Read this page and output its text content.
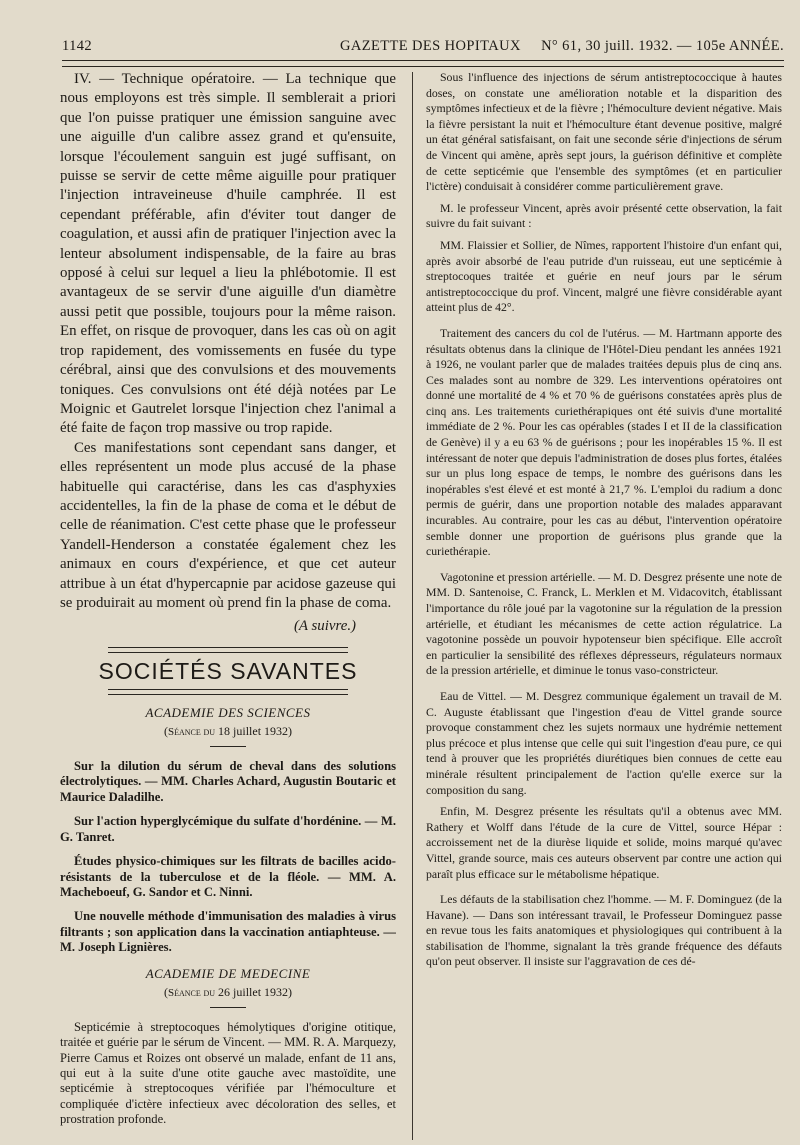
1142	GAZETTE DES HOPITAUX N° 61, 30 juill. 1932. — 105e ANNÉE.

IV. — Technique opératoire. — La technique que nous employons est très simple. Il semblerait a priori que l'on puisse pratiquer une émission sanguine avec une aiguille d'un calibre assez grand et qu'ensuite, lorsque l'écoulement sanguin est jugé suffisant, on puisse se servir de cette même aiguille pour pratiquer l'injection intraveineuse d'huile camphrée. Il est cependant préférable, afin d'éviter tout danger de coagulation, et aussi afin de pratiquer l'injection avec la lenteur absolument indispensable, de la faire au bras opposé à celui sur lequel a lieu la phlébotomie. Il est avantageux de se servir d'une aiguille d'un diamètre aussi petit que possible, toujours pour la même raison. En effet, on risque de provoquer, dans les cas où on agit trop rapidement, des vomissements en fusée du type cérébral, ainsi que des convulsions et des mouvements toniques. Ces convulsions ont été déjà notées par Le Moignic et Gautrelet lorsque l'injection chez l'animal a été faite de façon trop massive ou trop rapide.

Ces manifestations sont cependant sans danger, et elles représentent un mode plus accusé de la phase habituelle qui caractérise, dans les cas d'asphyxies accidentelles, la fin de la phase de coma et le début de celle de réanimation. C'est cette phase que le professeur Yandell-Henderson a constatée également chez les animaux en cours d'expérience, et que cet auteur attribue à un état d'hypercapnie par acidose gazeuse qui se produirait au moment où prend fin la phase de coma.

(A suivre.)

SOCIÉTÉS SAVANTES

ACADEMIE DES SCIENCES

(Séance du 18 juillet 1932)

Sur la dilution du sérum de cheval dans des solutions électrolytiques. — MM. Charles Achard, Augustin Boutaric et Maurice Daladilhe.

Sur l'action hyperglycémique du sulfate d'hordénine. — M. G. Tanret.

Études physico-chimiques sur les filtrats de bacilles acido-résistants de la tuberculose et de la fléole. — MM. A. Macheboeuf, G. Sandor et C. Ninni.

Une nouvelle méthode d'immunisation des maladies à virus filtrants ; son application dans la vaccination antiaphteuse. — M. Joseph Lignières.

ACADEMIE DE MEDECINE

(Séance du 26 juillet 1932)

Septicémie à streptocoques hémolytiques d'origine otitique, traitée et guérie par le sérum de Vincent. — MM. R. A. Marquezy, Pierre Camus et Roizes ont observé un malade, enfant de 11 ans, qui eut à la suite d'une otite gauche avec mastoïdite, une septicémie à streptocoques vérifiée par l'hémoculture et compliquée d'ictère infectieux avec décoloration des selles, et prostration profonde.

Sous l'influence des injections de sérum antistreptococcique à hautes doses, on constate une amélioration notable et la disparition des symptômes infectieux et de la fièvre ; l'hémoculture devient négative. Mais la fièvre persistant la nuit et l'hémoculture étant devenue positive, malgré un état général satisfaisant, on fait une seconde série d'injections de sérum de Vincent qui amène, après sept jours, la guérison définitive et complète de cette septicémie que l'ensemble des symptômes (et en particulier l'ictère) conduisait à considérer comme particulièrement grave.

M. le professeur Vincent, après avoir présenté cette observation, la fait suivre du fait suivant :

MM. Flaissier et Sollier, de Nîmes, rapportent l'histoire d'un enfant qui, après avoir absorbé de l'eau putride d'un ruisseau, eut une septicémie à streptocoques traitée et guérie en neuf jours par le sérum antistreptococcique du prof. Vincent, malgré une fièvre considérable ayant atteint plus de 42°.

Traitement des cancers du col de l'utérus. — M. Hartmann apporte des résultats obtenus dans la clinique de l'Hôtel-Dieu pendant les années 1921 à 1926, ne voulant parler que de malades traitées depuis plus de cinq ans. Ces malades sont au nombre de 329. Les interventions opératoires ont donné une mortalité de 4 % et 70 % de guérisons constatées après plus de cinq ans. Les traitements curiethérapiques ont été suivis d'une mortalité immédiate de 2 %. Pour les cas opérables (stades I et II de la classification de Genève) il y a eu 63 % de guérisons ; pour les inopérables 15 %. Il est intéressant de noter que depuis l'administration de doses plus fortes, étalées sur un plus long espace de temps, le nombre des guérisons dans les inopérables s'est élevé et est monté à 21,7 %. L'emploi du radium a donc permis de guérir, dans une proportion notable des malades apparavant incurables. Au contraire, pour les cas au début, l'intervention opératoire semble donner une proportion de guérisons plus grande que la curiethérapie.

Vagotonine et pression artérielle. — M. D. Desgrez présente une note de MM. D. Santenoise, C. Franck, L. Merklen et M. Vidacovitch, établissant l'importance du rôle joué par la vagotonine sur la régulation de la pression artérielle, et étudiant les mécanismes de cette action régulatrice. La vagotonine possède un pouvoir hypotenseur bien spécifique. Elle accroît en particulier la sensibilité des réflexes dépresseurs, régulateurs normaux de la pression artérielle, et diminue le tonus vaso-constricteur.

Eau de Vittel. — M. Desgrez communique également un travail de M. C. Auguste établissant que l'ingestion d'eau de Vittel grande source provoque constamment chez les sujets normaux une hydrémie nettement plus précoce et plus intense que celle qui suit l'ingestion d'eau pure, ce qui tend à prouver que les propriétés diurétiques bien connues de cette eau minérale résultent principalement de l'action qu'elle exerce sur la composition du sang.

Enfin, M. Desgrez présente les résultats qu'il a obtenus avec MM. Rathery et Wolff dans l'étude de la cure de Vittel, source Hépar : accroissement net de la diurèse liquide et solide, moins marqué qu'avec Vittel, grande source, mais ces auteurs observent par contre une action qui paraît plus efficace sur le métabolisme hépatique.

Les défauts de la stabilisation chez l'homme. — M. F. Dominguez (de la Havane). — Dans son intéressant travail, le Professeur Dominguez passe en revue tous les faits anatomiques et physiologiques qui contribuent à la stabilisation de l'homme, signalant la très grande fréquence des défauts qu'on peut observer. Il insiste sur l'aggravation de ces dé-
